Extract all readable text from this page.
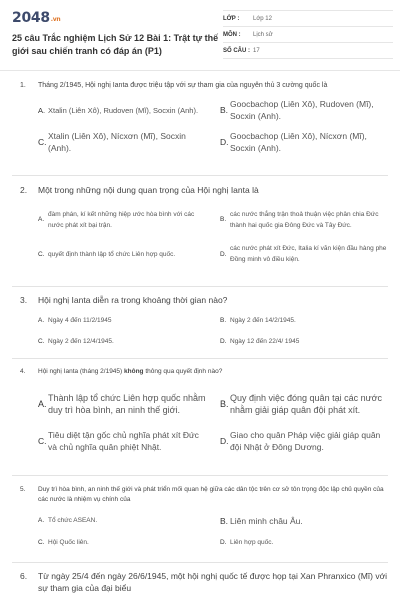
2048.vn
25 câu Trắc nghiệm Lịch Sử 12 Bài 1: Trật tự thế giới sau chiến tranh có đáp án (P1)
LỚP :	Lớp 12
MÔN :	Lịch sử
SỐ CÂU : 17
1.	Tháng 2/1945, Hội nghị Ianta được triệu tập với sự tham gia của nguyên thủ 3 cường quốc là
A. Xtalin (Liên Xô), Rudoven (Mĩ), Socxin (Anh).	B.
Goocbachop (Liên Xô), Rudoven (Mĩ), Socxin (Anh).
C.
Xtalin (Liên Xô), Nícxơn (Mĩ), Socxin (Anh).
D.
Goocbachop (Liên Xô), Nícxơn (Mĩ), Socxin (Anh).
2.	Một trong những nội dung quan trọng của Hội nghị Ianta là
A.
đàm phán, kí kết những hiệp ước hòa bình với các nước phát xít bại trận.
B.
các nước thắng trận thoả thuận việc phân chia Đức thành hai quốc gia Đông Đức và Tây Đức.
C. quyết định thành lập tổ chức Liên hợp quốc.	D.
các nước phát xít Đức, Italia kí văn kiện đầu hàng phe Đồng minh vô điều kiện.
3.	Hội nghị Ianta diễn ra trong khoảng thời gian nào?
A. Ngày 4 đến 11/2/1945	B. Ngày 2 đến 14/2/1945.
C. Ngày 2 đến 12/4/1945.	D. Ngày 12 đến 22/4/ 1945
4.	Hội nghị Ianta (tháng 2/1945) không thông qua quyết định nào?
A.
Thành lập tổ chức Liên hợp quốc nhằm duy trì hòa bình, an ninh thế giới.
B.
Quy định việc đóng quân tại các nước nhằm giải giáp quân đội phát xít.
C.
Tiêu diệt tận gốc chủ nghĩa phát xít Đức và chủ nghĩa quân phiệt Nhật.
D.
Giao cho quân Pháp việc giải giáp quân đội Nhật ở Đông Dương.
5.	Duy trì hòa bình, an ninh thế giới và phát triển mối quan hệ giữa các dân tộc trên cơ sở tôn trọng độc lập chủ quyền của các nước là nhiệm vụ chính của
A. Tổ chức ASEAN.	B. Liên minh châu Âu.
C. Hội Quốc liên.	D. Liên hợp quốc.
6.	Từ ngày 25/4 đến ngày 26/6/1945, một hội nghị quốc tế được họp tại Xan Phranxico (Mĩ) với sự tham gia của đại biểu
